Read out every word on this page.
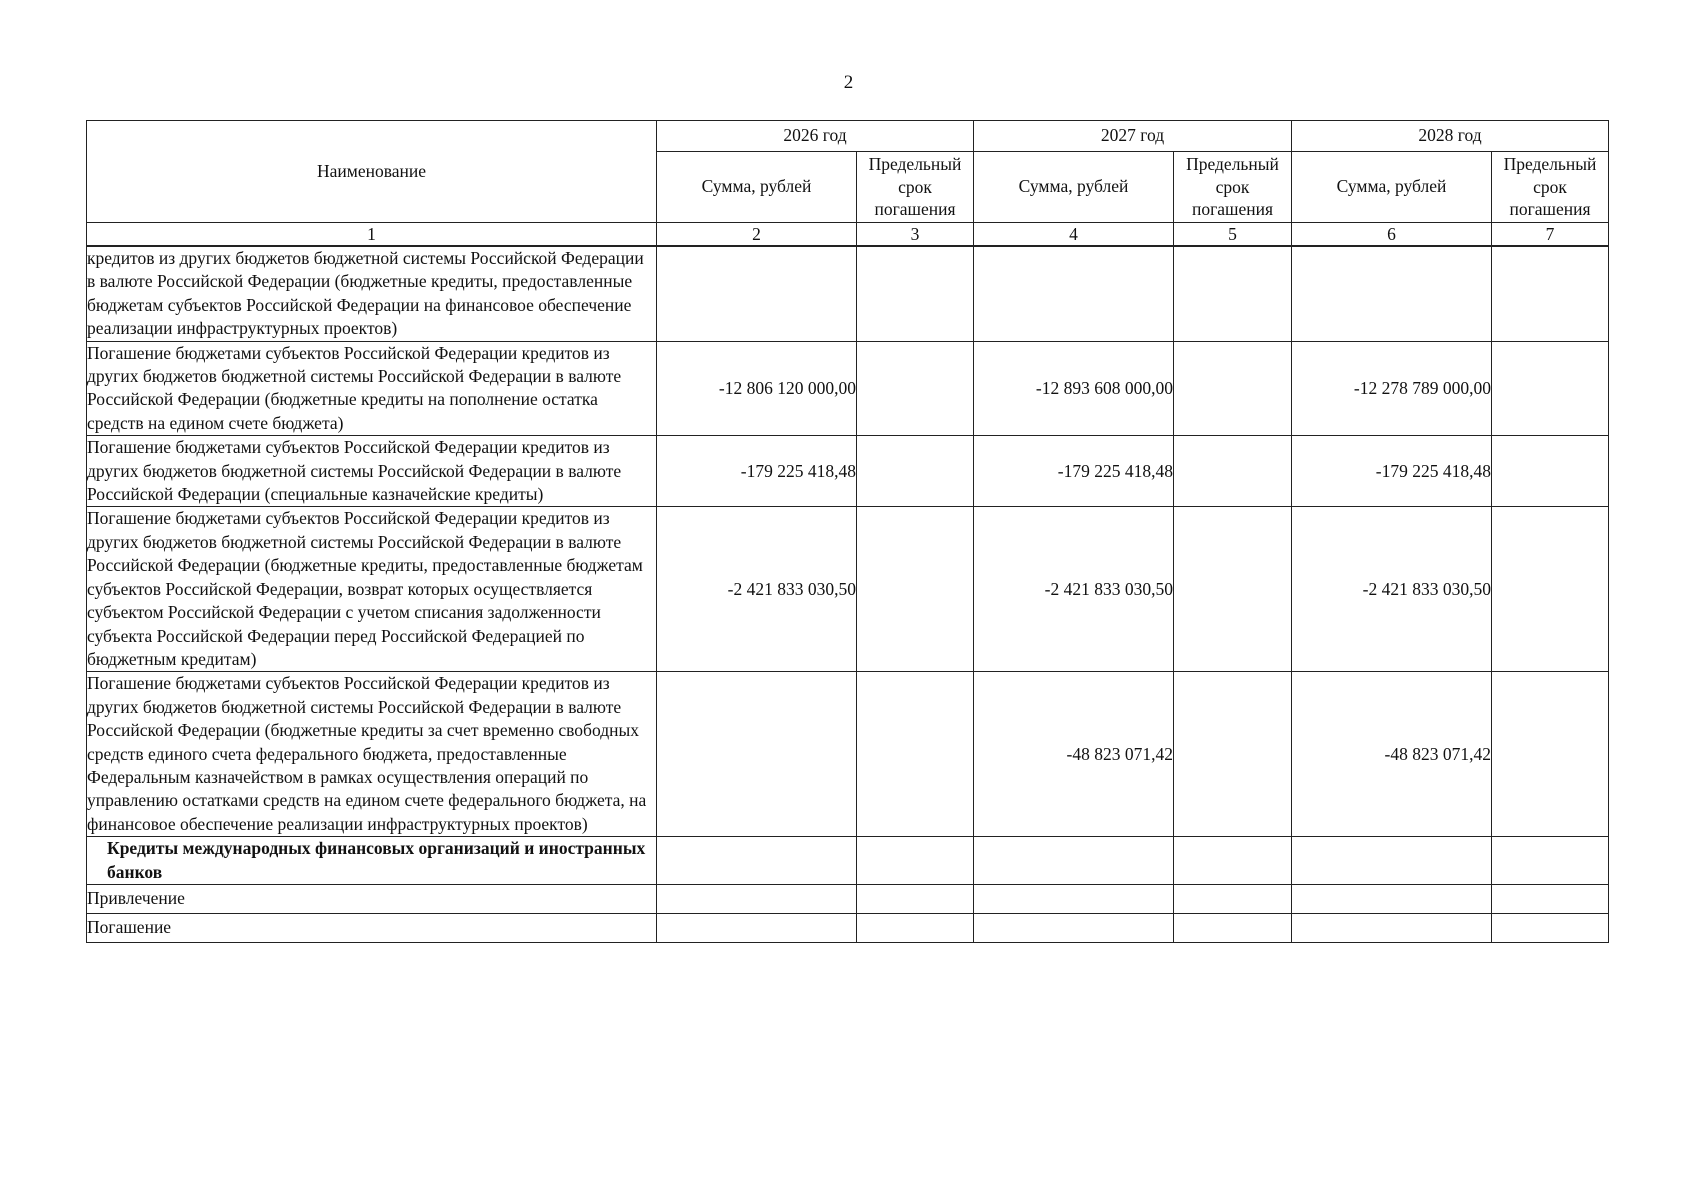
2
Наименование	2026 год		2027 год		2028 год	
	Сумма, рублей	Предельный срок погашения	Сумма, рублей	Предельный срок погашения	Сумма, рублей	Предельный срок погашения
1	2	3	4	5	6	7
кредитов из других бюджетов бюджетной системы Российской Федерации в валюте Российской Федерации (бюджетные кредиты, предоставленные бюджетам субъектов Российской Федерации на финансовое обеспечение реализации инфраструктурных проектов)						
Погашение бюджетами субъектов Российской Федерации кредитов из других бюджетов бюджетной системы Российской Федерации в валюте Российской Федерации (бюджетные кредиты на пополнение остатка средств на едином счете бюджета)	-12 806 120 000,00		-12 893 608 000,00		-12 278 789 000,00	
Погашение бюджетами субъектов Российской Федерации кредитов из других бюджетов бюджетной системы Российской Федерации в валюте Российской Федерации (специальные казначейские кредиты)	-179 225 418,48		-179 225 418,48		-179 225 418,48	
Погашение бюджетами субъектов Российской Федерации кредитов из других бюджетов бюджетной системы Российской Федерации в валюте Российской Федерации (бюджетные кредиты, предоставленные бюджетам субъектов Российской Федерации, возврат которых осуществляется субъектом Российской Федерации с учетом списания задолженности субъекта Российской Федерации перед Российской Федерацией по бюджетным кредитам)	-2 421 833 030,50		-2 421 833 030,50		-2 421 833 030,50	
Погашение бюджетами субъектов Российской Федерации кредитов из других бюджетов бюджетной системы Российской Федерации в валюте Российской Федерации (бюджетные кредиты за счет временно свободных средств единого счета федерального бюджета, предоставленные Федеральным казначейством в рамках осуществления операций по управлению остатками средств на едином счете федерального бюджета, на финансовое обеспечение реализации инфраструктурных проектов)			-48 823 071,42		-48 823 071,42	
Кредиты международных финансовых организаций и иностранных банков						
Привлечение						
Погашение						
